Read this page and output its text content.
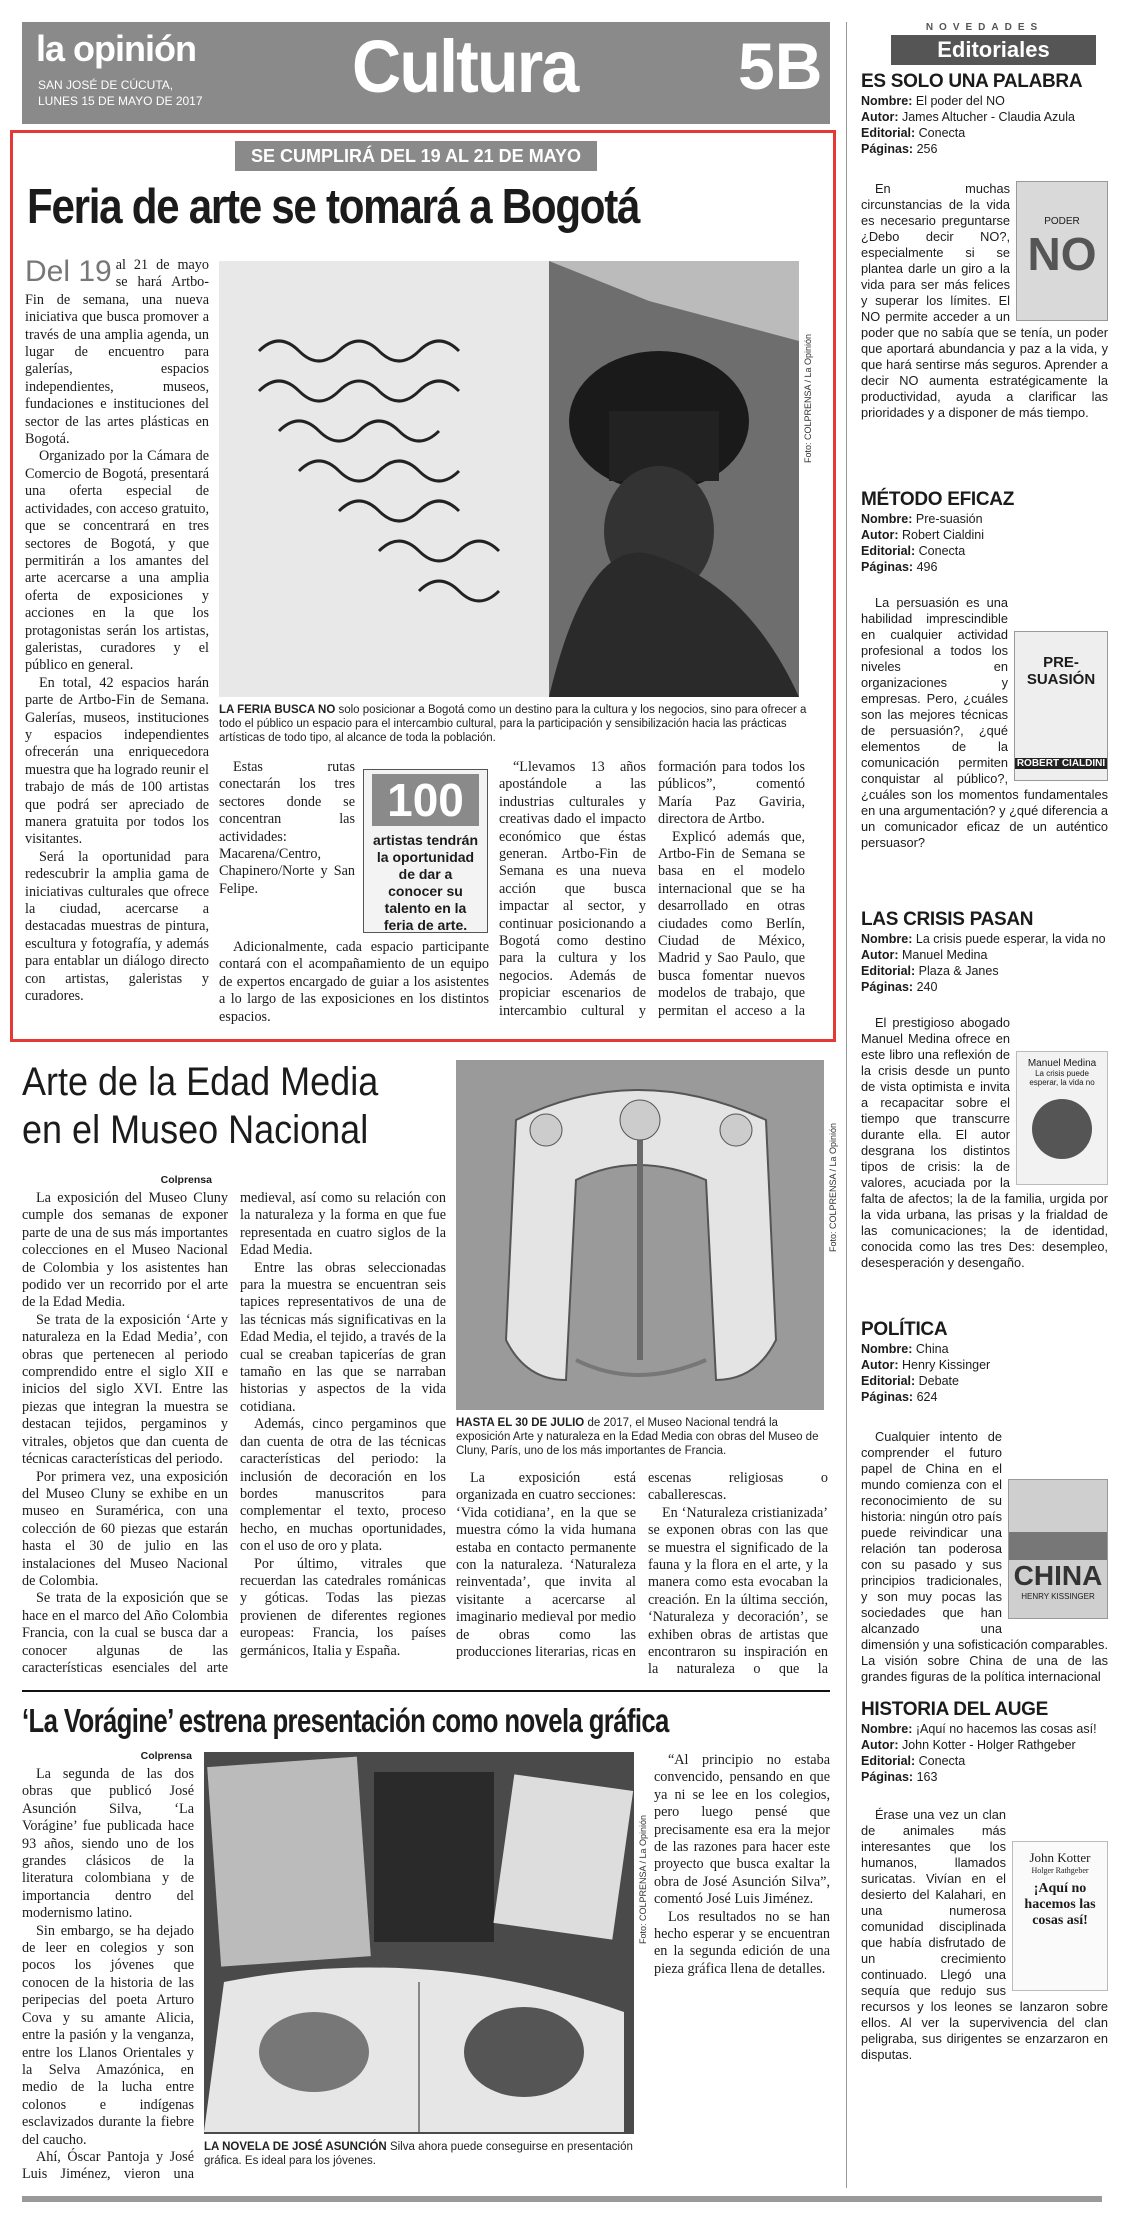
la opinión
SAN JOSÉ DE CÚCUTA,
LUNES 15 DE MAYO DE 2017 Cultura 5B
SE CUMPLIRÁ DEL 19 AL 21 DE MAYO
Feria de arte se tomará a Bogotá
Foto: COLPRENSA / La Opinión
LA FERIA BUSCA NO solo posicionar a Bogotá como un destino para la cultura y los negocios, sino para ofrecer a todo el público un espacio para el intercambio cultural, para la participación y sensibilización hacia las prácticas artísticas de todo tipo, al alcance de toda la población.
100
artistas tendrán la oportunidad de dar a conocer su talento en la feria de arte.

Del 19 al 21 de mayo se hará Artbo-Fin de semana, una nueva iniciativa que busca promover a través de una amplia agenda, un lugar de encuentro para galerías, espacios independientes, museos, fundaciones e instituciones del sector de las artes plásticas en Bogotá.

Organizado por la Cámara de Comercio de Bogotá, presentará una oferta especial de actividades, con acceso gratuito, que se concentrará en tres sectores de Bogotá, y que permitirán a los amantes del arte acercarse a una amplia oferta de exposiciones y acciones en la que los protagonistas serán los artistas, galeristas, curadores y el público en general.

En total, 42 espacios harán parte de Artbo-Fin de Semana. Galerías, museos, instituciones y espacios independientes ofrecerán una enriquecedora muestra que ha logrado reunir el trabajo de más de 100 artistas que podrá ser apreciado de manera gratuita por todos los visitantes.

Será la oportunidad para redescubrir la amplia gama de iniciativas culturales que ofrece la ciudad, acercarse a destacadas muestras de pintura, escultura y fotografía, y además para entablar un diálogo directo con artistas, galeristas y curadores.

Estas rutas conectarán los tres sectores donde se concentran las actividades: Macarena/Centro, Chapinero/Norte y San Felipe.

Adicionalmente, cada espacio participante contará con el acompañamiento de un equipo de expertos encargado de guiar a los asistentes a lo largo de las exposiciones en los distintos espacios.

“Llevamos 13 años apostándole a las industrias culturales y creativas dado el impacto económico que éstas generan. Artbo-Fin de Semana es una nueva acción que busca impactar al sector, y continuar posicionando a Bogotá como destino para la cultura y los negocios. Además de propiciar escenarios de intercambio cultural y formación para todos los públicos”, comentó María Paz Gaviria, directora de Artbo.

Explicó además que, Artbo-Fin de Semana se basa en el modelo internacional que se ha desarrollado en otras ciudades como Berlín, Ciudad de México, Madrid y Sao Paulo, que busca fomentar nuevos modelos de trabajo, que permitan el acceso a la

Arte de la Edad Media
en el Museo Nacional
Colprensa	Foto: COLPRENSA / La Opinión
HASTA EL 30 DE JULIO de 2017, el Museo Nacional tendrá la exposición Arte y naturaleza en la Edad Media con obras del Museo de Cluny, París, uno de los más importantes de Francia.

La exposición del Museo Cluny cumple dos semanas de exponer parte de una de sus más importantes colecciones en el Museo Nacional de Colombia y los asistentes han podido ver un recorrido por el arte de la Edad Media.

Se trata de la exposición ‘Arte y naturaleza en la Edad Media’, con obras que pertenecen al periodo comprendido entre el siglo XII e inicios del siglo XVI. Entre las piezas que integran la muestra se destacan tejidos, pergaminos y vitrales, objetos que dan cuenta de técnicas características del periodo.

Por primera vez, una exposición del Museo Cluny se exhibe en un museo en Suramérica, con una colección de 60 piezas que estarán hasta el 30 de julio en las instalaciones del Museo Nacional de Colombia.

Se trata de la exposición que se hace en el marco del Año Colombia Francia, con la cual se busca dar a conocer algunas de las características esenciales del arte medieval, así como su relación con la naturaleza y la forma en que fue representada en cuatro siglos de la Edad Media.

Entre las obras seleccionadas para la muestra se encuentran seis tapices representativos de una de las técnicas más significativas en la Edad Media, el tejido, a través de la cual se creaban tapicerías de gran tamaño en las que se narraban historias y aspectos de la vida cotidiana.

Además, cinco pergaminos que dan cuenta de otra de las técnicas características del periodo: la inclusión de decoración en los bordes manuscritos para complementar el texto, proceso hecho, en muchas oportunidades, con el uso de oro y plata.

Por último, vitrales que recuerdan las catedrales románicas y góticas. Todas las piezas provienen de diferentes regiones europeas: Francia, los países germánicos, Italia y España.

La exposición está organizada en cuatro secciones: ‘Vida cotidiana’, en la que se muestra cómo la vida humana estaba en contacto permanente con la naturaleza. ‘Naturaleza reinventada’, que invita al visitante a acercarse al imaginario medieval por medio de obras como las producciones literarias, ricas en escenas religiosas o caballerescas.

En ‘Naturaleza cristianizada’ se exponen obras con las que se muestra el significado de la fauna y la flora en el arte, y la manera como esta evocaban la creación. En la última sección, ‘Naturaleza y decoración’, se exhiben obras de artistas que encontraron su inspiración en la naturaleza o que la

‘La Vorágine’ estrena presentación como novela gráfica
Colprensa
Foto: COLPRENSA / La Opinión
LA NOVELA DE JOSÉ ASUNCIÓN Silva ahora puede conseguirse en presentación gráfica. Es ideal para los jóvenes.

La segunda de las dos obras que publicó José Asunción Silva, ‘La Vorágine’ fue publicada hace 93 años, siendo uno de los grandes clásicos de la literatura colombiana y de importancia dentro del modernismo latino.

Sin embargo, se ha dejado de leer en colegios y son pocos los jóvenes que conocen de la historia de las peripecias del poeta Arturo Cova y su amante Alicia, entre la pasión y la venganza, entre los Llanos Orientales y la Selva Amazónica, en medio de la lucha entre colonos e indígenas esclavizados durante la fiebre del caucho.

Ahí, Óscar Pantoja y José Luis Jiménez, vieron una

“Al principio no estaba convencido, pensando en que ya ni se lee en los colegios, pero luego pensé que precisamente esa era la mejor de las razones para hacer este proyecto que busca exaltar la obra de José Asunción Silva”, comentó José Luis Jiménez.

Los resultados no se han hecho esperar y se encuentran en la segunda edición de una pieza gráfica llena de detalles.

NOVEDADES
Editoriales
ES SOLO UNA PALABRA
Nombre: El poder del NO
Autor: James Altucher - Claudia Azula
Editorial: Conecta
Páginas: 256
PODER
NO

En muchas circunstancias de la vida es necesario preguntarse ¿Debo decir NO?, especialmente si se plantea darle un giro a la vida para ser más felices y superar los límites. El NO permite acceder a un poder que no sabía que se tenía, un poder que aportará abundancia y paz a la vida, y que hará sentirse más seguros. Aprender a decir NO aumenta estratégicamente la productividad, ayuda a clarificar las prioridades y a disponer de más tiempo.

MÉTODO EFICAZ
Nombre: Pre-suasión
Autor: Robert Cialdini
Editorial: Conecta
Páginas: 496
PRE-SUASIÓN
ROBERT CIALDINI

La persuasión es una habilidad imprescindible en cualquier actividad profesional a todos los niveles en organizaciones y empresas. Pero, ¿cuáles son las mejores técnicas de persuasión?, ¿qué elementos de la comunicación permiten conquistar al público?, ¿cuáles son los momentos fundamentales en una argumentación? y ¿qué diferencia a un comunicador eficaz de un auténtico persuasor?

LAS CRISIS PASAN
Nombre: La crisis puede esperar, la vida no
Autor: Manuel Medina
Editorial: Plaza & Janes
Páginas: 240
Manuel Medina
La crisis puede esperar, la vida no

El prestigioso abogado Manuel Medina ofrece en este libro una reflexión de la crisis desde un punto de vista optimista e invita a recapacitar sobre el tiempo que transcurre durante ella. El autor desgrana los distintos tipos de crisis: la de valores, acuciada por la falta de afectos; la de la familia, urgida por la vida urbana, las prisas y la frialdad de las comunicaciones; la de identidad, conocida como las tres Des: desempleo, desesperación y desengaño.

POLÍTICA
Nombre: China
Autor: Henry Kissinger
Editorial: Debate
Páginas: 624
CHINA
HENRY KISSINGER

Cualquier intento de comprender el futuro papel de China en el mundo comienza con el reconocimiento de su historia: ningún otro país puede reivindicar una relación tan poderosa con su pasado y sus principios tradicionales, y son muy pocas las sociedades que han alcanzado una dimensión y una sofisticación comparables. La visión sobre China de una de las grandes figuras de la política internacional

HISTORIA DEL AUGE
Nombre: ¡Aquí no hacemos las cosas así!
Autor: John Kotter - Holger Rathgeber
Editorial: Conecta
Páginas: 163
John Kotter
Holger Rathgeber
¡Aquí no hacemos las cosas así!

Érase una vez un clan de animales más interesantes que los humanos, llamados suricatas. Vivían en el desierto del Kalahari, en una numerosa comunidad disciplinada que había disfrutado de un crecimiento continuado. Llegó una sequía que redujo sus recursos y los leones se lanzaron sobre ellos. Al ver la supervivencia del clan peligraba, sus dirigentes se enzarzaron en disputas.
